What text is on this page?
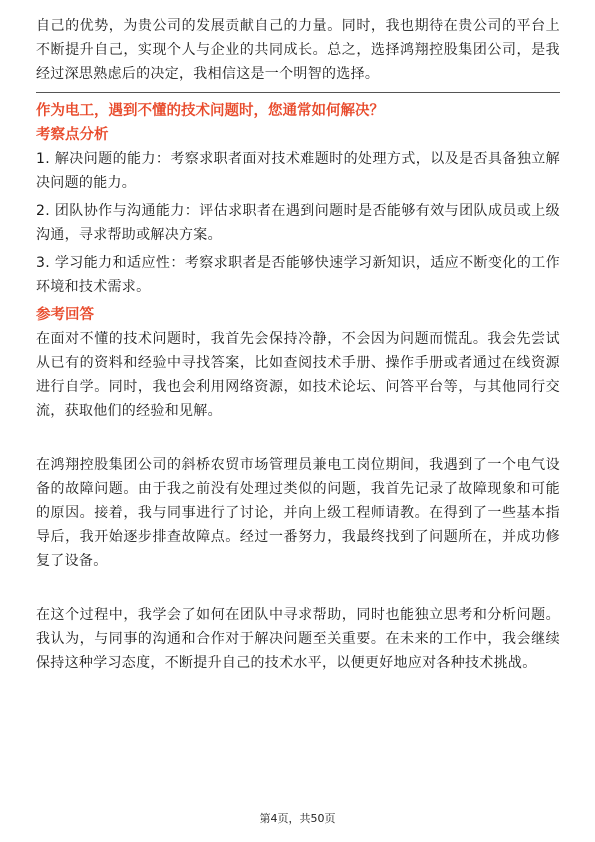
自己的优势，为贵公司的发展贡献自己的力量。同时，我也期待在贵公司的平台上不断提升自己，实现个人与企业的共同成长。总之，选择鸿翔控股集团公司，是我经过深思熟虑后的决定，我相信这是一个明智的选择。

作为电工，遇到不懂的技术问题时，您通常如何解决？
考察点分析

1. 解决问题的能力：考察求职者面对技术难题时的处理方式，以及是否具备独立解决问题的能力。

2. 团队协作与沟通能力：评估求职者在遇到问题时是否能够有效与团队成员或上级沟通，寻求帮助或解决方案。

3. 学习能力和适应性：考察求职者是否能够快速学习新知识，适应不断变化的工作环境和技术需求。

参考回答

在面对不懂的技术问题时，我首先会保持冷静，不会因为问题而慌乱。我会先尝试从已有的资料和经验中寻找答案，比如查阅技术手册、操作手册或者通过在线资源进行自学。同时，我也会利用网络资源，如技术论坛、问答平台等，与其他同行交流，获取他们的经验和见解。

在鸿翔控股集团公司的斜桥农贸市场管理员兼电工岗位期间，我遇到了一个电气设备的故障问题。由于我之前没有处理过类似的问题，我首先记录了故障现象和可能的原因。接着，我与同事进行了讨论，并向上级工程师请教。在得到了一些基本指导后，我开始逐步排查故障点。经过一番努力，我最终找到了问题所在，并成功修复了设备。

在这个过程中，我学会了如何在团队中寻求帮助，同时也能独立思考和分析问题。我认为，与同事的沟通和合作对于解决问题至关重要。在未来的工作中，我会继续保持这种学习态度，不断提升自己的技术水平，以便更好地应对各种技术挑战。

第4页，共50页
